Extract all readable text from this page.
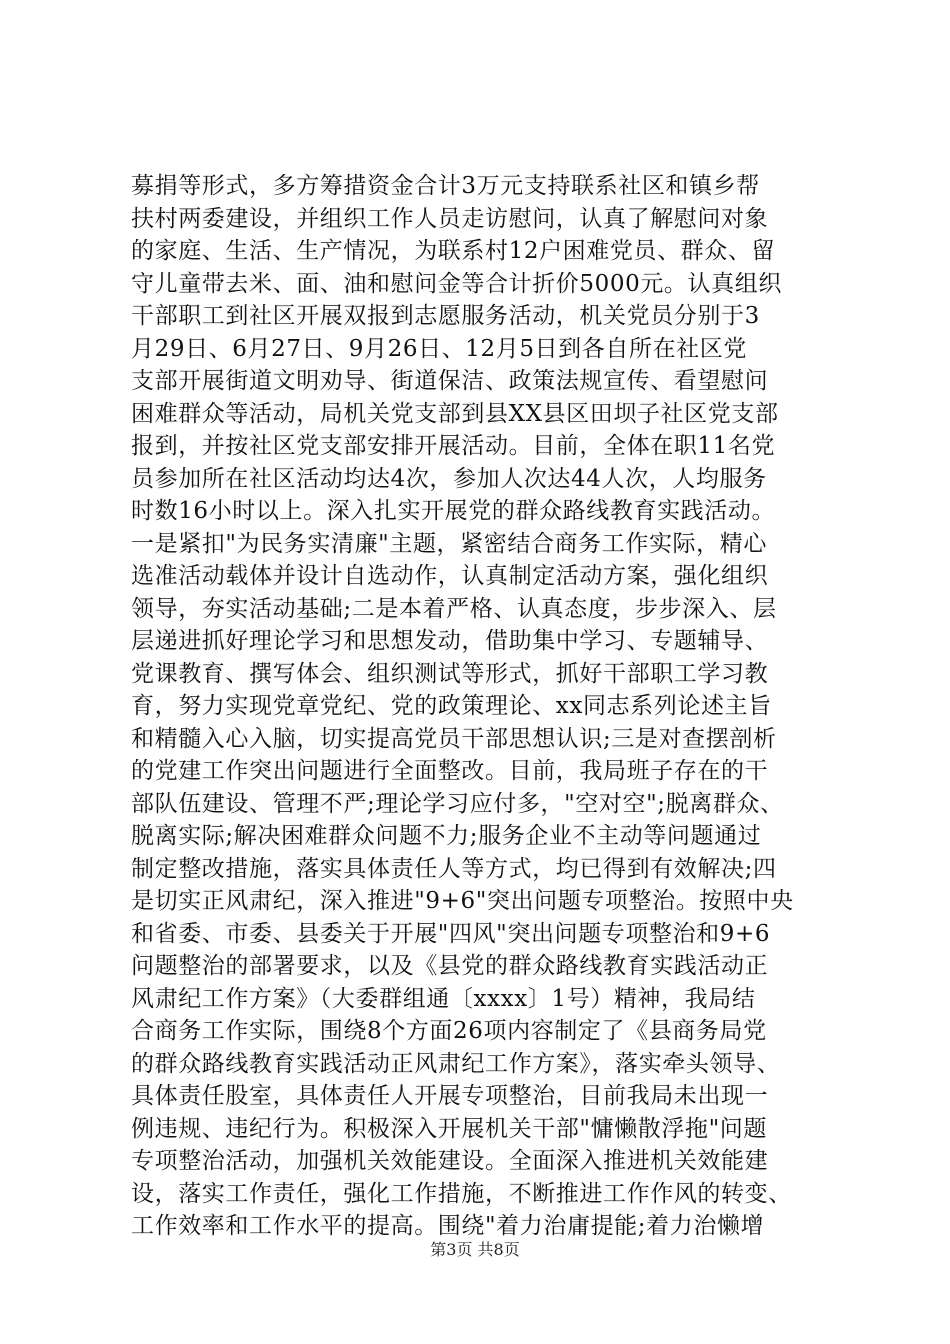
募捐等形式，多方筹措资金合计3万元支持联系社区和镇乡帮
扶村两委建设，并组织工作人员走访慰问，认真了解慰问对象
的家庭、生活、生产情况，为联系村12户困难党员、群众、留
守儿童带去米、面、油和慰问金等合计折价5000元。认真组织
干部职工到社区开展双报到志愿服务活动，机关党员分别于3
月29日、6月27日、9月26日、12月5日到各自所在社区党
支部开展街道文明劝导、街道保洁、政策法规宣传、看望慰问
困难群众等活动，局机关党支部到县XX县区田坝子社区党支部
报到，并按社区党支部安排开展活动。目前，全体在职11名党
员参加所在社区活动均达4次，参加人次达44人次，人均服务
时数16小时以上。深入扎实开展党的群众路线教育实践活动。
一是紧扣"为民务实清廉"主题，紧密结合商务工作实际，精心
选准活动载体并设计自选动作，认真制定活动方案，强化组织
领导，夯实活动基础;二是本着严格、认真态度，步步深入、层
层递进抓好理论学习和思想发动，借助集中学习、专题辅导、
党课教育、撰写体会、组织测试等形式，抓好干部职工学习教
育，努力实现党章党纪、党的政策理论、xx同志系列论述主旨
和精髓入心入脑，切实提高党员干部思想认识;三是对查摆剖析
的党建工作突出问题进行全面整改。目前，我局班子存在的干
部队伍建设、管理不严;理论学习应付多，"空对空";脱离群众、
脱离实际;解决困难群众问题不力;服务企业不主动等问题通过
制定整改措施，落实具体责任人等方式，均已得到有效解决;四
是切实正风肃纪，深入推进"9+6"突出问题专项整治。按照中央
和省委、市委、县委关于开展"四风"突出问题专项整治和9+6
问题整治的部署要求，以及《县党的群众路线教育实践活动正
风肃纪工作方案》（大委群组通〔xxxx〕1号）精神，我局结
合商务工作实际，围绕8个方面26项内容制定了《县商务局党
的群众路线教育实践活动正风肃纪工作方案》，落实牵头领导、
具体责任股室，具体责任人开展专项整治，目前我局未出现一
例违规、违纪行为。积极深入开展机关干部"慵懒散浮拖"问题
专项整治活动，加强机关效能建设。全面深入推进机关效能建
设，落实工作责任，强化工作措施，不断推进工作作风的转变、
工作效率和工作水平的提高。围绕"着力治庸提能;着力治懒增
第3页 共8页
